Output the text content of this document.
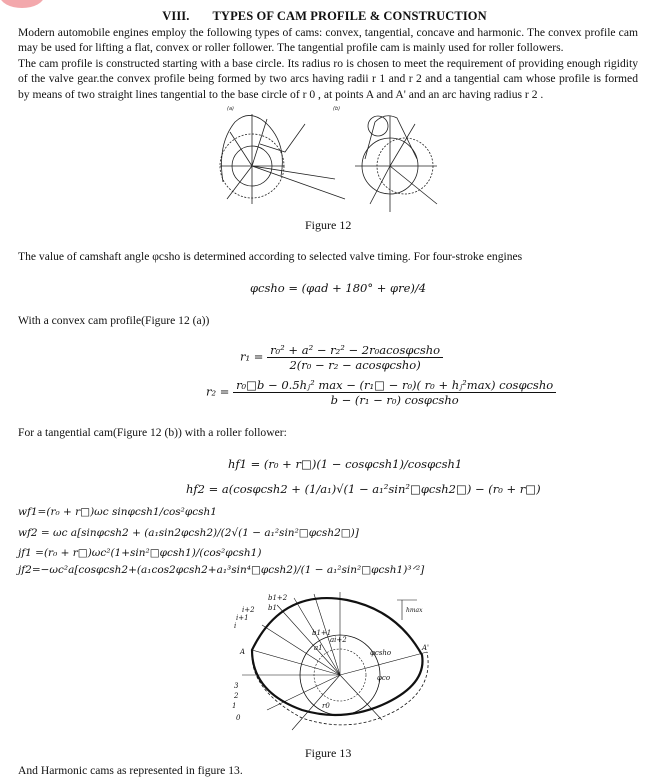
VIII. TYPES OF CAM PROFILE & CONSTRUCTION
Modern automobile engines employ the following types of cams: convex, tangential, concave and harmonic. The convex profile cam may be used for lifting a flat, convex or roller follower. The tangential profile cam is mainly used for roller followers.
The cam profile is constructed starting with a base circle. Its radius ro is chosen to meet the requirement of providing enough rigidity of the valve gear.the convex profile being formed by two arcs having radii r 1 and r 2 and a tangential cam whose profile is formed by means of two straight lines tangential to the base circle of r 0 , at points A and A' and an arc having radius r 2 .
(a)	(b)
Figure 12
The value of camshaft angle φcsho is determined according to selected valve timing. For four-stroke engines
φcsho = (φad + 180° + φre)/4
With a convex cam profile(Figure 12 (a))
$r_1 = \frac{\text{r₀² + a² − r₂² − 2r₀acosφcsho}}{\text{2(r₀ − r₂ − acosφcsho)}}$
$r_2 = \frac{\text{r₀□b − 0.5hⱼ² max − (r₁□ − r₀)( r₀ + hⱼ²max) cosφcsho}}{\text{b − (r₁ − r₀) cosφcsho}}$
For a tangential cam(Figure 12 (b)) with a roller follower:
hf1 = (r₀ + r□)(1 − cosφcsh1)/cosφcsh1
hf2 = a(cosφcsh2 + (1/a₁)√(1 − a₁²sin²□φcsh2□) − (r₀ + r□)
wf1=(r₀ + r□)ωc sinφcsh1/cos²φcsh1
wf2 = ωc a[sinφcsh2 + (a₁sin2φcsh2)/(2√(1 − a₁²sin²□φcsh2□)]
jf1 =(r₀ + r□)ωc²(1+sin²□φcsh1)/(cos²φcsh1)
jf2=−ωc²a[cosφcsh2+(a₁cos2φcsh2+a₁³sin⁴□φcsh2)/(1 − a₁²sin²□φcsh1)³ᐟ²]
i+2
i+1
i
b1
b1+2
b1+1
A	A'
3
2
1
0
φcsho
φco
hmax
r0
a1
ai+2
Figure 13
And Harmonic cams as represented in figure 13.
